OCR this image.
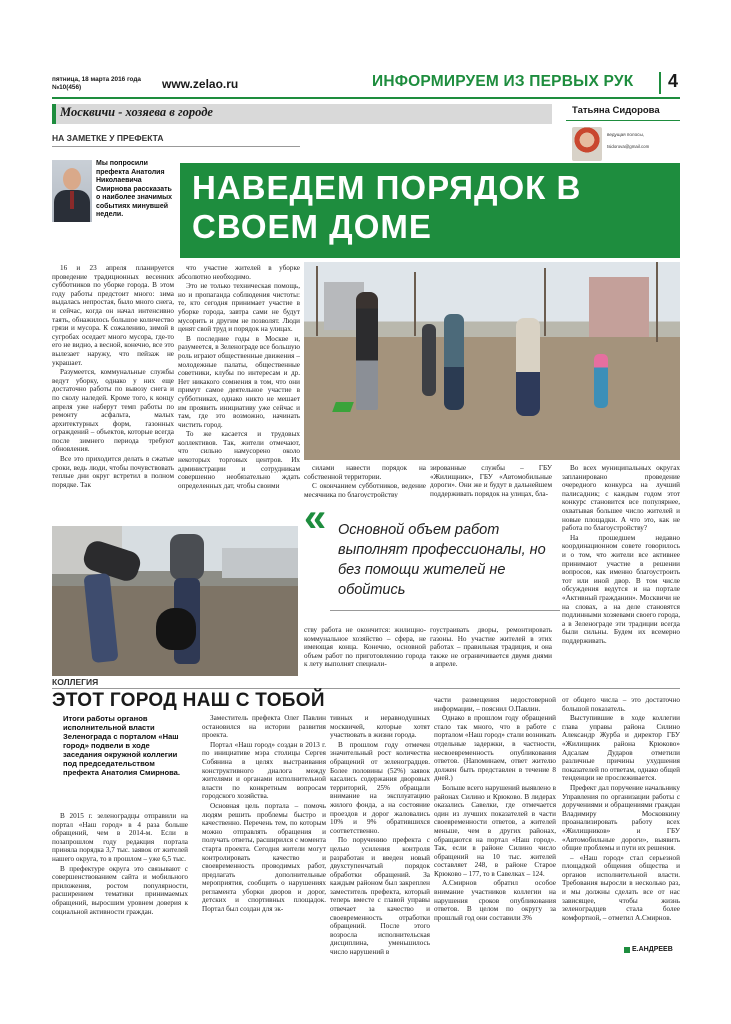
пятница, 18 марта 2016 года
№10(456)	www.zelao.ru	ИНФОРМИРУЕМ ИЗ ПЕРВЫХ РУК 4
Москвичи - хозяева в городе
НА ЗАМЕТКЕ У ПРЕФЕКТА
Татьяна Сидорова
ведущая полосы,
tsidorova@gmail.com
Мы попросили префекта Анатолия Николаевича Смирнова рассказать о наиболее значимых событиях минувшей недели.
НАВЕДЕМ ПОРЯДОК В СВОЕМ ДОМЕ

16 и 23 апреля планируется проведение традиционных весенних субботников по уборке города. В этом году работы предстоит много: зима выдалась непростая, было много снега, и сейчас, когда он начал интенсивно таять, обнажилось большое количество грязи и мусора. К сожалению, зимой в сугробах оседает много мусора, где-то его не видно, а весной, конечно, все это вылезает наружу, что пейзаж не украшает.

Разумеется, коммунальные службы ведут уборку, однако у них еще достаточно работы по вывозу снега и по сколу наледей. Кроме того, к концу апреля уже наберут темп работы по ремонту асфальта, малых архитектурных форм, газонных ограждений – объектов, которые всегда после зимнего периода требуют обновления.

Все это приходится делать в сжатые сроки, ведь люди, чтобы почувствовать теплые дни округ встретил в полном порядке. Так

что участие жителей в уборке абсолютно необходимо.

Это не только техническая помощь, но и пропаганда соблюдения чистоты: те, кто сегодня принимает участие в уборке города, завтра сами не будут мусорить и другим не позволят. Люди ценят свой труд и порядок на улицах.

В последние годы в Москве и, разумеется, в Зеленограде все большую роль играют общественные движения – молодежные палаты, общественные советники, клубы по интересам и др. Нет никакого сомнения в том, что они примут самое деятельное участие в субботниках, однако никто не мешает им проявить инициативу уже сейчас и там, где это возможно, начинать чистить город.

То же касается и трудовых коллективов. Так, жители отмечают, что сильно намусорено около некоторых торговых центров. Их администрации и сотрудникам совершенно необязательно ждать определенных дат, чтобы своими

силами навести порядок на собственной территории.

С окончанием субботников, ведение месячника по благоустройству

зированные службы – ГБУ «Жилищник», ГБУ «Автомобильные дороги». Они же и будут в дальнейшем поддерживать порядок на улицах, бла-

« Основной объем работ выполнят профессионалы, но без помощи жителей не обойтись

ству работа не окончится: жилищно-коммунальное хозяйство – сфера, не имеющая конца. Конечно, основной объем работ по приготовлению города к лету выполнят специали-

гоустраивать дворы, ремонтировать газоны. Но участие жителей в этих работах – правильная традиция, и она также не ограничивается двумя днями в апреле.

Во всех муниципальных округах запланировано проведение очередного конкурса на лучший палисадник; с каждым годом этот конкурс становится все популярнее, охватывая большее число жителей и новые площадки. А что это, как не работа по благоустройству?

На прошедшем недавно координационном совете говорилось и о том, что жители все активнее принимают участие в решении вопросов, как именно благоустроить тот или иной двор. В том числе обсуждения ведутся и на портале «Активный гражданин». Москвичи не на словах, а на деле становятся подлинными хозяевами своего города, а в Зеленограде эти традиции всегда были сильны. Будем их всемерно поддерживать.

КОЛЛЕГИЯ
ЭТОТ ГОРОД НАШ С ТОБОЙ
Итоги работы органов исполнительной власти Зеленограда с порталом «Наш город» подвели в ходе заседания окружной коллегии под председательством префекта Анатолия Смирнова.

В 2015 г. зеленоградцы отправили на портал «Наш город» в 4 раза больше обращений, чем в 2014-м. Если в позапрошлом году редакция портала приняла порядка 3,7 тыс. заявок от жителей нашего округа, то в прошлом – уже 6,5 тыс.

В префектуре округа это связывают с совершенствованием сайта и мобильного приложения, ростом популярности, расширением тематики принимаемых обращений, выросшим уровнем доверия к социальной активности граждан.

Заместитель префекта Олег Павлин остановился на истории развития проекта.

Портал «Наш город» создан в 2013 г. по инициативе мэра столицы Сергея Собянина в целях выстраивания конструктивного диалога между жителями и органами исполнительной власти по конкретным вопросам городского хозяйства.

Основная цель портала – помочь людям решить проблемы быстро и качественно. Перечень тем, по которым можно отправлять обращения и получать ответы, расширился с момента старта проекта. Сегодня жители могут контролировать качество и своевременность проводимых работ, предлагать дополнительные мероприятия, сообщить о нарушениях регламента уборки дворов и дорог, детских и спортивных площадок. Портал был создан для эк-

тивных и неравнодушных москвичей, которые хотят участвовать в жизни города.

В прошлом году отмечен значительный рост количества обращений от зеленоградцев. Более половины (52%) заявок касались содержания дворовых территорий, 25% обращали внимание на эксплуатацию жилого фонда, а на состояние проездов и дорог жаловались 10% и 9% обратившихся соответственно.

По поручению префекта с целью усиления контроля разработан и введен новый двухступенчатый порядок обработки обращений. За каждым районом был закреплен заместитель префекта, который теперь вместе с главой управы отвечает за качество и своевременность отработки обращений. После этого возросла исполнительская дисциплина, уменьшилось число нарушений в

части размещения недостоверной информации, – пояснил О.Павлин.

Однако в прошлом году обращений стало так много, что в работе с порталом «Наш город» стали возникать отдельные задержки, в частности, несвоевременность опубликования ответов. (Напоминаем, ответ жителю должен быть представлен в течение 8 дней.)

Больше всего нарушений выявлено в районах Силино и Крюково. В лидерах оказались Савелки, где отмечается один из лучших показателей в части своевременности ответов, а жителей меньше, чем в других районах, обращаются на портал «Наш город». Так, если в районе Силино число обращений на 10 тыс. жителей составляет 248, в районе Старое Крюково – 177, то в Савелках – 124.

А.Смирнов обратил особое внимание участников коллегии на нарушения сроков опубликования ответов. В целом по округу за прошлый год они составили 3%

от общего числа – это достаточно большой показатель.

Выступившие в ходе коллегии глава управы района Силино Александр Журба и директор ГБУ «Жилищник района Крюково» Адсалам Дударов отметили различные причины ухудшения показателей по ответам, однако общей тенденции не прослеживается.

Префект дал поручение начальнику Управления по организации работы с доручениями и обращениями граждан Владимиру Московкину проанализировать работу всех «Жилищников» и ГБУ «Автомобильные дороги», выявить общие проблемы и пути их решения.

– «Наш город» стал серьезной площадкой общения общества и органов исполнительной власти. Требования выросли в несколько раз, и мы должны сделать все от нас зависящее, чтобы жизнь зеленоградцев стала более комфортной, – отметил А.Смирнов.

Е.АНДРЕЕВ
